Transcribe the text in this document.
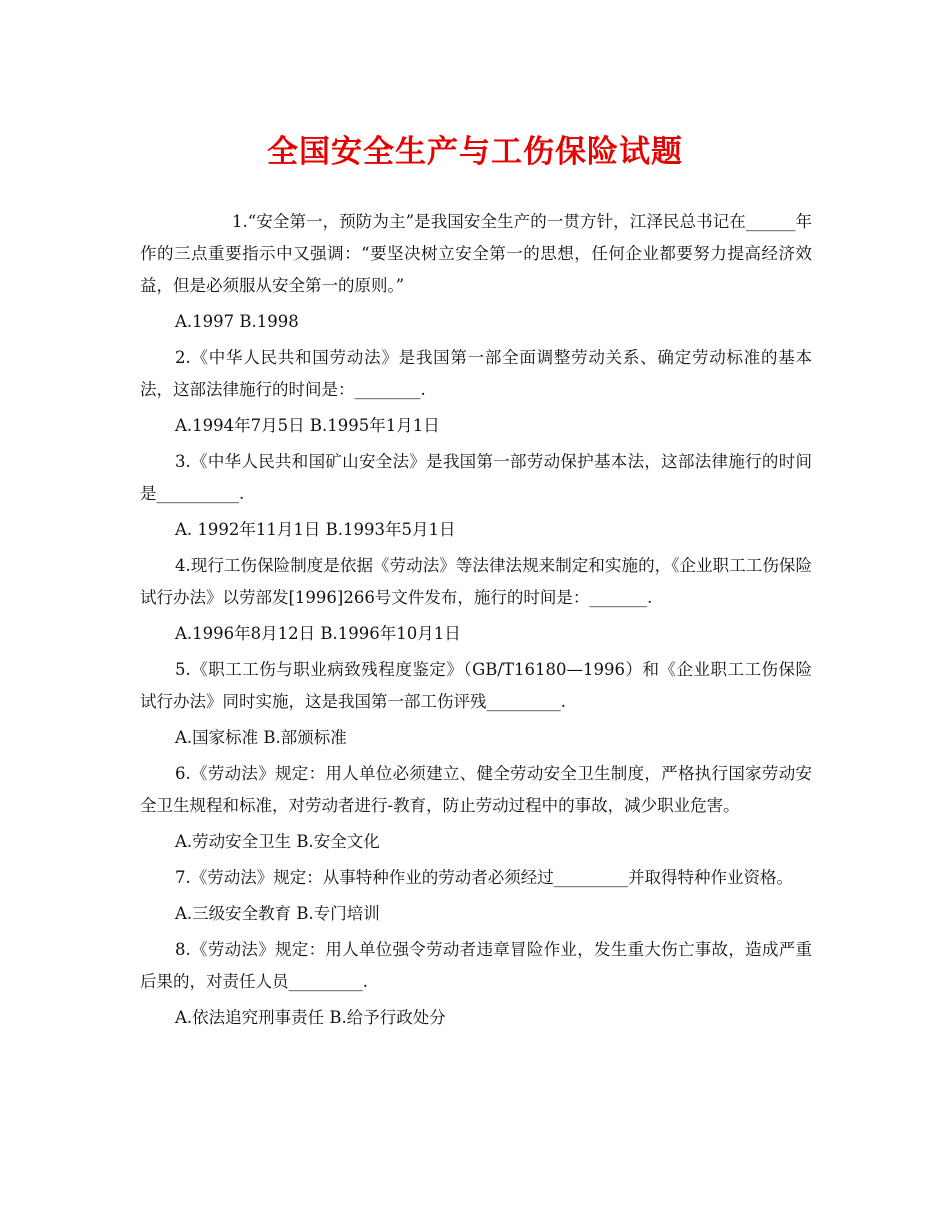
全国安全生产与工伤保险试题

1.“安全第一，预防为主”是我国安全生产的一贯方针，江泽民总书记在______年作的三点重要指示中又强调：“要坚决树立安全第一的思想，任何企业都要努力提高经济效益，但是必须服从安全第一的原则。”

A.1997 B.1998

2.《中华人民共和国劳动法》是我国第一部全面调整劳动关系、确定劳动标准的基本法，这部法律施行的时间是：________.

A.1994年7月5日 B.1995年1月1日

3.《中华人民共和国矿山安全法》是我国第一部劳动保护基本法，这部法律施行的时间是__________.

A. 1992年11月1日 B.1993年5月1日

4.现行工伤保险制度是依据《劳动法》等法律法规来制定和实施的，《企业职工工伤保险试行办法》以劳部发[1996]266号文件发布，施行的时间是：_______.

A.1996年8月12日 B.1996年10月1日

5.《职工工伤与职业病致残程度鉴定》（GB/T16180—1996）和《企业职工工伤保险试行办法》同时实施，这是我国第一部工伤评残_________.

A.国家标准 B.部颁标准

6.《劳动法》规定：用人单位必须建立、健全劳动安全卫生制度，严格执行国家劳动安全卫生规程和标准，对劳动者进行-教育，防止劳动过程中的事故，减少职业危害。

A.劳动安全卫生 B.安全文化

7.《劳动法》规定：从事特种作业的劳动者必须经过_________并取得特种作业资格。

A.三级安全教育 B.专门培训

8.《劳动法》规定：用人单位强令劳动者违章冒险作业，发生重大伤亡事故，造成严重后果的，对责任人员_________.

A.依法追究刑事责任 B.给予行政处分
